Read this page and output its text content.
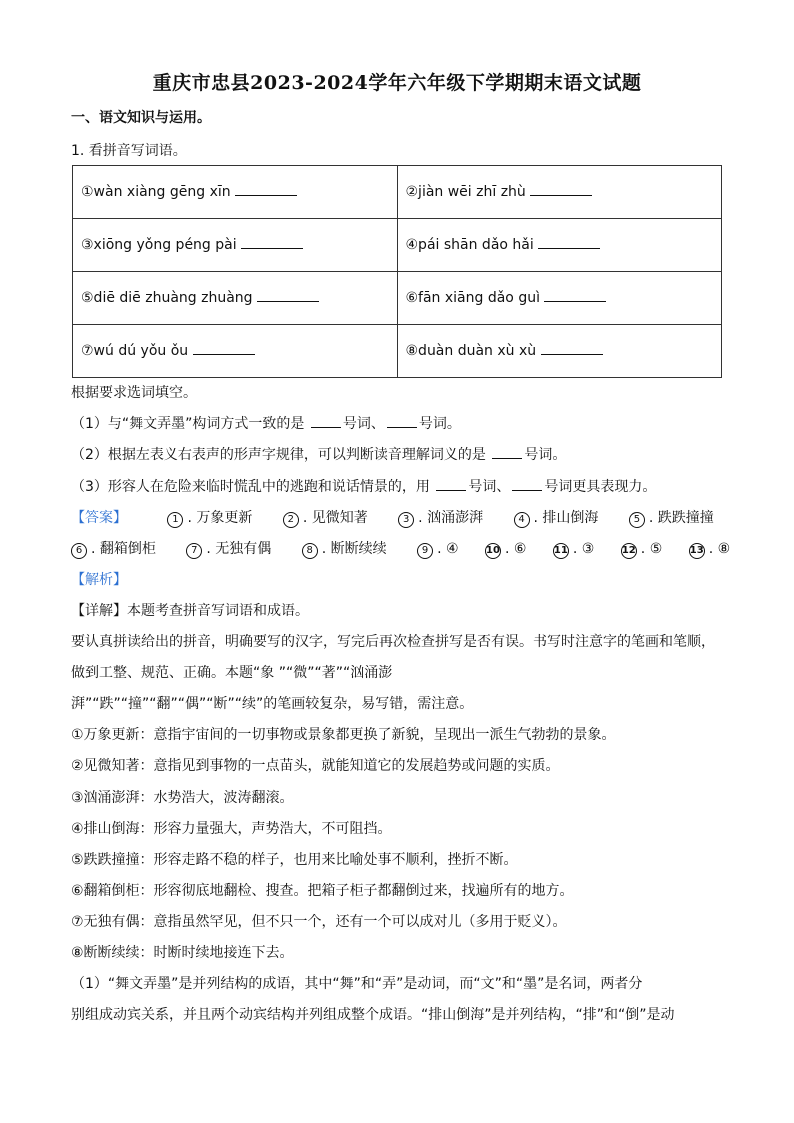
重庆市忠县2023-2024学年六年级下学期期末语文试题
一、语文知识与运用。
1. 看拼音写词语。
①wàn xiàng gēng xīn	②jiàn wēi zhī zhù
③xiōng yǒng péng pài	④pái shān dǎo hǎi
⑤diē diē zhuàng zhuàng	⑥fān xiāng dǎo guì
⑦wú dú yǒu ǒu	⑧duàn duàn xù xù
根据要求选词填空。
（1）与“舞文弄墨”构词方式一致的是	号词、 号词。
（2）根据左表义右表声的形声字规律，可以判断读音理解词义的是	号词。
（3）形容人在危险来临时慌乱中的逃跑和说话情景的，用	号词、 号词更具表现力。
【答案】	1 . 万象更新	2 . 见微知著	3 . 汹涌澎湃	4 . 排山倒海	5 . 跌跌撞撞
6 . 翻箱倒柜	7 . 无独有偶	8 . 断断续续	9 . ④	10 . ⑥	11 . ③	12 . ⑤	13 . ⑧
【解析】
【详解】本题考查拼音写词语和成语。
要认真拼读给出的拼音，明确要写的汉字，写完后再次检查拼写是否有误。书写时注意字的笔画和笔顺，
做到工整、规范、正确。本题“象 ”“微”“著”“汹涌澎
湃”“跌”“撞”“翻”“偶”“断”“续”的笔画较复杂，易写错，需注意。
①万象更新：意指宇宙间的一切事物或景象都更换了新貌，呈现出一派生气勃勃的景象。
②见微知著：意指见到事物的一点苗头，就能知道它的发展趋势或问题的实质。
③汹涌澎湃：水势浩大，波涛翻滚。
④排山倒海：形容力量强大，声势浩大，不可阻挡。
⑤跌跌撞撞：形容走路不稳的样子，也用来比喻处事不顺利，挫折不断。
⑥翻箱倒柜：形容彻底地翻检、搜查。把箱子柜子都翻倒过来，找遍所有的地方。
⑦无独有偶：意指虽然罕见，但不只一个，还有一个可以成对儿（多用于贬义）。
⑧断断续续：时断时续地接连下去。
（1）“舞文弄墨”是并列结构的成语，其中“舞”和“弄”是动词，而“文”和“墨”是名词，两者分
别组成动宾关系，并且两个动宾结构并列组成整个成语。“排山倒海”是并列结构，“排”和“倒”是动
